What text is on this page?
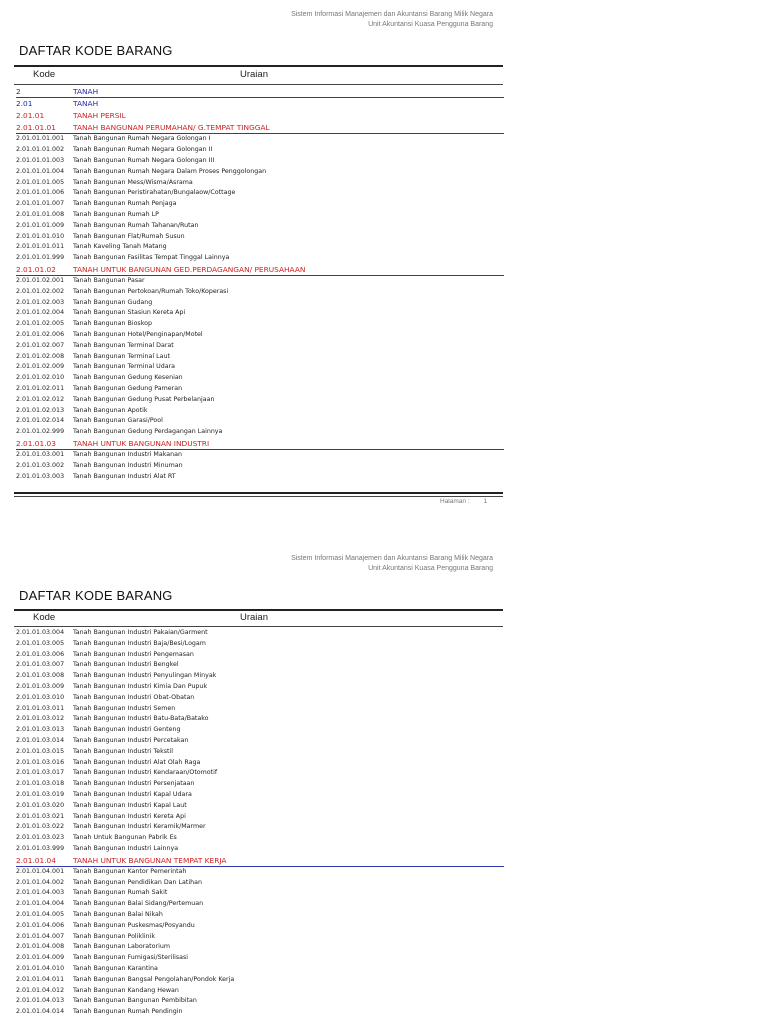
Sistem Informasi Manajemen dan Akuntansi Barang Milik Negara
Unit Akuntansi Kuasa Pengguna Barang
DAFTAR KODE BARANG
Kode	Uraian
2	TANAH
2.01	TANAH
2.01.01	TANAH PERSIL
2.01.01.01 TANAH BANGUNAN PERUMAHAN/ G.TEMPAT TINGGAL
2.01.01.01.001 Tanah Bangunan Rumah Negara Golongan I
2.01.01.01.002 Tanah Bangunan Rumah Negara Golongan II
2.01.01.01.003 Tanah Bangunan Rumah Negara Golongan III
2.01.01.01.004 Tanah Bangunan Rumah Negara Dalam Proses Penggolongan
2.01.01.01.005 Tanah Bangunan Mess/Wisma/Asrama
2.01.01.01.006 Tanah Bangunan Peristirahatan/Bungalaow/Cottage
2.01.01.01.007 Tanah Bangunan Rumah Penjaga
2.01.01.01.008 Tanah Bangunan Rumah LP
2.01.01.01.009 Tanah Bangunan Rumah Tahanan/Rutan
2.01.01.01.010 Tanah Bangunan Flat/Rumah Susun
2.01.01.01.011 Tanah Kaveling Tanah Matang
2.01.01.01.999 Tanah Bangunan Fasilitas Tempat Tinggal Lainnya
2.01.01.02 TANAH UNTUK BANGUNAN GED.PERDAGANGAN/ PERUSAHAAN
2.01.01.02.001 Tanah Bangunan Pasar
2.01.01.02.002 Tanah Bangunan Pertokoan/Rumah Toko/Koperasi
2.01.01.02.003 Tanah Bangunan Gudang
2.01.01.02.004 Tanah Bangunan Stasiun Kereta Api
2.01.01.02.005 Tanah Bangunan Bioskop
2.01.01.02.006 Tanah Bangunan Hotel/Penginapan/Motel
2.01.01.02.007 Tanah Bangunan Terminal Darat
2.01.01.02.008 Tanah Bangunan Terminal Laut
2.01.01.02.009 Tanah Bangunan Terminal Udara
2.01.01.02.010 Tanah Bangunan Gedung Kesenian
2.01.01.02.011 Tanah Bangunan Gedung Pameran
2.01.01.02.012 Tanah Bangunan Gedung Pusat Perbelanjaan
2.01.01.02.013 Tanah Bangunan Apotik
2.01.01.02.014 Tanah Bangunan Garasi/Pool
2.01.01.02.999 Tanah Bangunan Gedung Perdagangan Lainnya
2.01.01.03 TANAH UNTUK BANGUNAN INDUSTRI
2.01.01.03.001 Tanah Bangunan Industri Makanan
2.01.01.03.002 Tanah Bangunan Industri Minuman
2.01.01.03.003 Tanah Bangunan Industri Alat RT
Halaman : 1
Sistem Informasi Manajemen dan Akuntansi Barang Milik Negara
Unit Akuntansi Kuasa Pengguna Barang
DAFTAR KODE BARANG
Kode	Uraian
2.01.01.03.004 Tanah Bangunan Industri Pakaian/Garment
2.01.01.03.005 Tanah Bangunan Industri Baja/Besi/Logam
2.01.01.03.006 Tanah Bangunan Industri Pengemasan
2.01.01.03.007 Tanah Bangunan Industri Bengkel
2.01.01.03.008 Tanah Bangunan Industri Penyulingan Minyak
2.01.01.03.009 Tanah Bangunan Industri Kimia Dan Pupuk
2.01.01.03.010 Tanah Bangunan Industri Obat-Obatan
2.01.01.03.011 Tanah Bangunan Industri Semen
2.01.01.03.012 Tanah Bangunan Industri Batu-Bata/Batako
2.01.01.03.013 Tanah Bangunan Industri Genteng
2.01.01.03.014 Tanah Bangunan Industri Percetakan
2.01.01.03.015 Tanah Bangunan Industri Tekstil
2.01.01.03.016 Tanah Bangunan Industri Alat Olah Raga
2.01.01.03.017 Tanah Bangunan Industri Kendaraan/Otomotif
2.01.01.03.018 Tanah Bangunan Industri Persenjataan
2.01.01.03.019 Tanah Bangunan Industri Kapal Udara
2.01.01.03.020 Tanah Bangunan Industri Kapal Laut
2.01.01.03.021 Tanah Bangunan Industri Kereta Api
2.01.01.03.022 Tanah Bangunan Industri Keramik/Marmer
2.01.01.03.023 Tanah Untuk Bangunan Pabrik Es
2.01.01.03.999 Tanah Bangunan Industri Lainnya
2.01.01.04 TANAH UNTUK BANGUNAN TEMPAT KERJA
2.01.01.04.001 Tanah Bangunan Kantor Pemerintah
2.01.01.04.002 Tanah Bangunan Pendidikan Dan Latihan
2.01.01.04.003 Tanah Bangunan Rumah Sakit
2.01.01.04.004 Tanah Bangunan Balai Sidang/Pertemuan
2.01.01.04.005 Tanah Bangunan Balai Nikah
2.01.01.04.006 Tanah Bangunan Puskesmas/Posyandu
2.01.01.04.007 Tanah Bangunan Poliklinik
2.01.01.04.008 Tanah Bangunan Laboratorium
2.01.01.04.009 Tanah Bangunan Fumigasi/Sterilisasi
2.01.01.04.010 Tanah Bangunan Karantina
2.01.01.04.011 Tanah Bangunan Bangsal Pengolahan/Pondok Kerja
2.01.01.04.012 Tanah Bangunan Kandang Hewan
2.01.01.04.013 Tanah Bangunan Bangunan Pembibitan
2.01.01.04.014 Tanah Bangunan Rumah Pendingin
